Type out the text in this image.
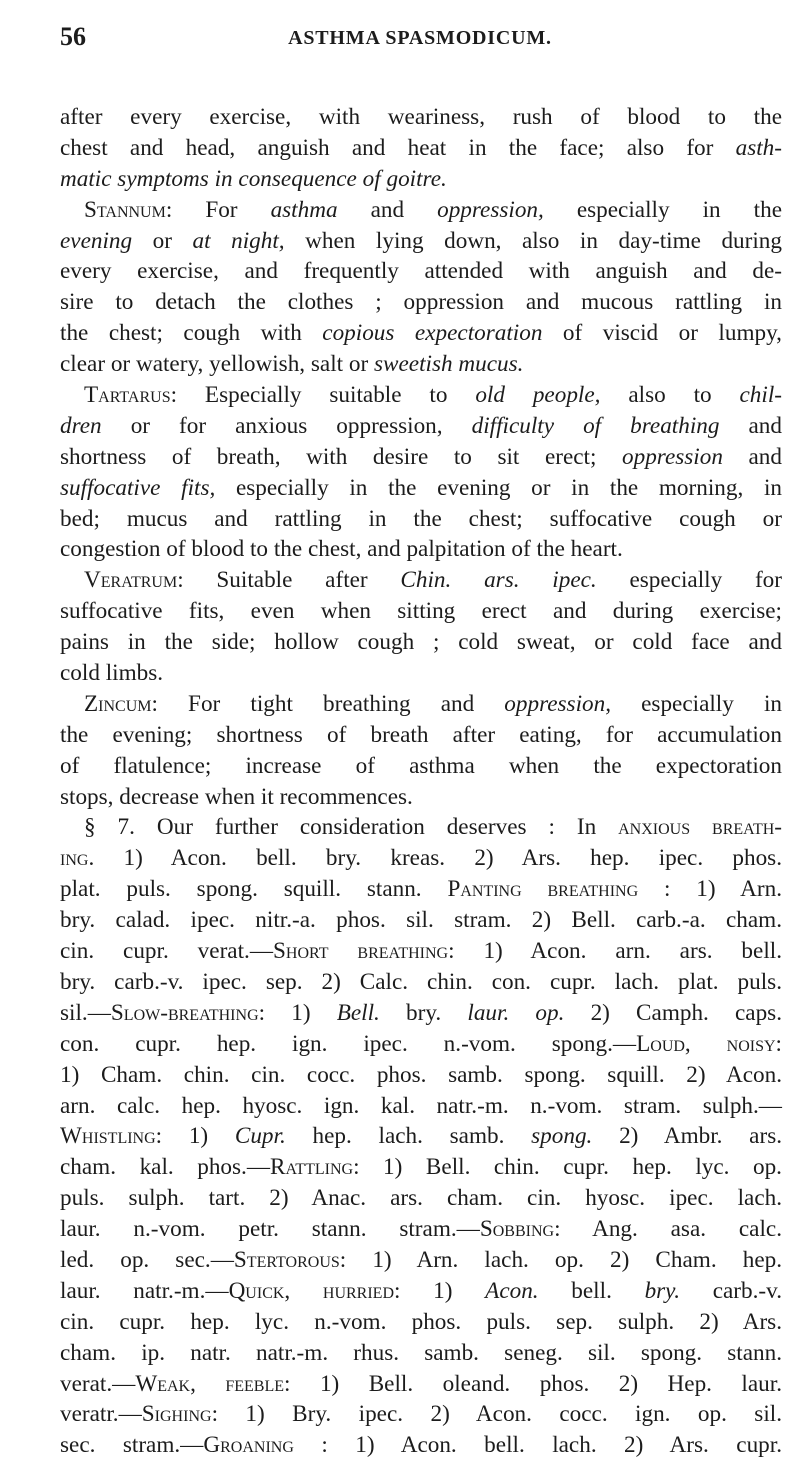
56	ASTHMA SPASMODICUM.
after every exercise, with weariness, rush of blood to the
chest and head, anguish and heat in the face; also for asth-
matic symptoms in consequence of goitre.
Stannum: For asthma and oppression, especially in the
evening or at night, when lying down, also in day-time during
every exercise, and frequently attended with anguish and de-
sire to detach the clothes ; oppression and mucous rattling in
the chest; cough with copious expectoration of viscid or lumpy,
clear or watery, yellowish, salt or sweetish mucus.
Tartarus: Especially suitable to old people, also to chil-
dren or for anxious oppression, difficulty of breathing and
shortness of breath, with desire to sit erect; oppression and
suffocative fits, especially in the evening or in the morning, in
bed; mucus and rattling in the chest; suffocative cough or
congestion of blood to the chest, and palpitation of the heart.
Veratrum: Suitable after Chin. ars. ipec. especially for
suffocative fits, even when sitting erect and during exercise;
pains in the side; hollow cough ; cold sweat, or cold face and
cold limbs.
Zincum: For tight breathing and oppression, especially in
the evening; shortness of breath after eating, for accumulation
of flatulence; increase of asthma when the expectoration
stops, decrease when it recommences.
§ 7. Our further consideration deserves : In anxious breath-
ing. 1) Acon. bell. bry. kreas. 2) Ars. hep. ipec. phos.
plat. puls. spong. squill. stann. Panting breathing : 1) Arn.
bry. calad. ipec. nitr.-a. phos. sil. stram. 2) Bell. carb.-a. cham.
cin. cupr. verat.—Short breathing: 1) Acon. arn. ars. bell.
bry. carb.-v. ipec. sep. 2) Calc. chin. con. cupr. lach. plat. puls.
sil.—Slow-breathing: 1) Bell. bry. laur. op. 2) Camph. caps.
con. cupr. hep. ign. ipec. n.-vom. spong.—Loud, noisy:
1) Cham. chin. cin. cocc. phos. samb. spong. squill. 2) Acon.
arn. calc. hep. hyosc. ign. kal. natr.-m. n.-vom. stram. sulph.—
Whistling: 1) Cupr. hep. lach. samb. spong. 2) Ambr. ars.
cham. kal. phos.—Rattling: 1) Bell. chin. cupr. hep. lyc. op.
puls. sulph. tart. 2) Anac. ars. cham. cin. hyosc. ipec. lach.
laur. n.-vom. petr. stann. stram.—Sobbing: Ang. asa. calc.
led. op. sec.—Stertorous: 1) Arn. lach. op. 2) Cham. hep.
laur. natr.-m.—Quick, hurried: 1) Acon. bell. bry. carb.-v.
cin. cupr. hep. lyc. n.-vom. phos. puls. sep. sulph. 2) Ars.
cham. ip. natr. natr.-m. rhus. samb. seneg. sil. spong. stann.
verat.—Weak, feeble: 1) Bell. oleand. phos. 2) Hep. laur.
veratr.—Sighing: 1) Bry. ipec. 2) Acon. cocc. ign. op. sil.
sec. stram.—Groaning : 1) Acon. bell. lach. 2) Ars. cupr.
